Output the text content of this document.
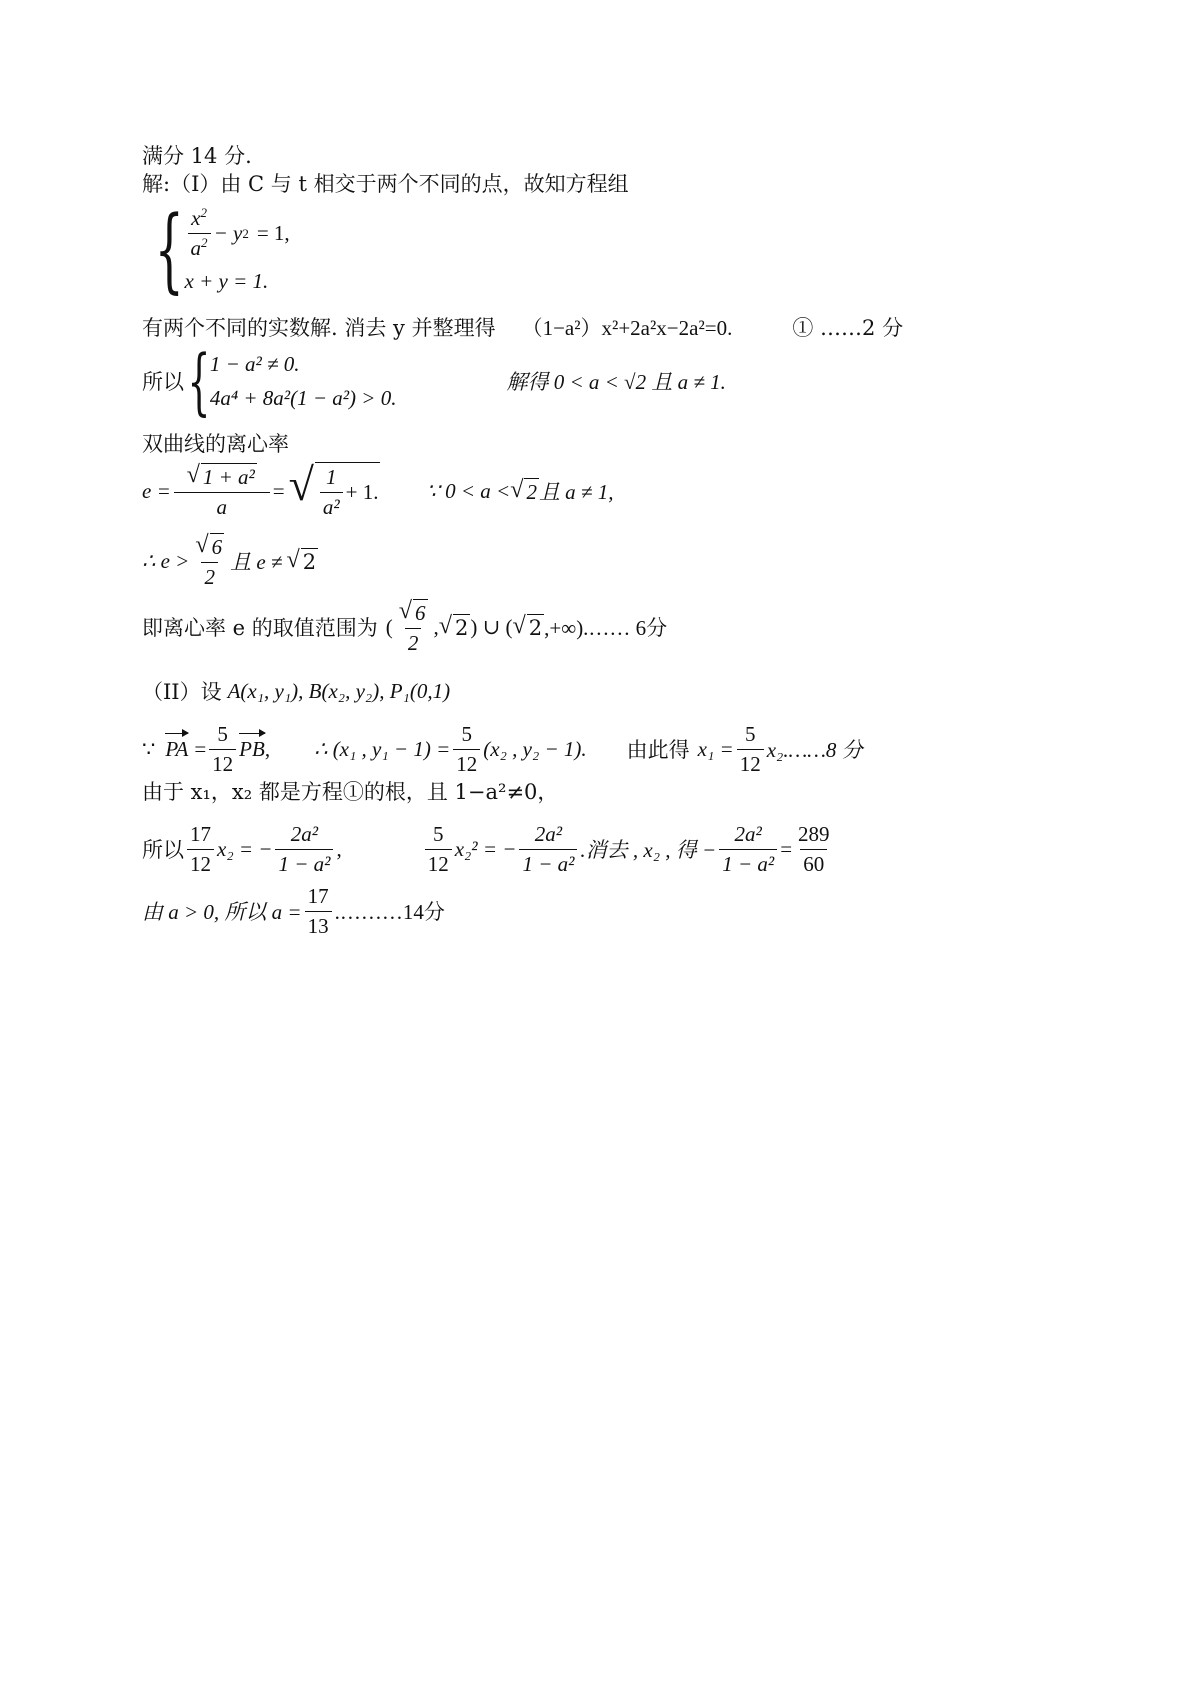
满分 14 分.
解:（I）由 C 与 t 相交于两个不同的点，故知方程组
{ $\frac{x^2}{a^2} - y$ 2 = 1,
x + y = 1.
有两个不同的实数解. 消去 y 并整理得 （1−a²）x²+2a²x−2a²=0.	① ……2 分
所以 { 1 − a² ≠ 0.
4a⁴ + 8a²(1 − a²) > 0.
解得 0 < a < √2 且 a ≠ 1.
双曲线的离心率
$e = \frac{\text{√ 1 + a²}}{a}$ = √ $\frac{1}{\text{a²}} + 1$. ∵ 0 < a < √ 2 且 a ≠ 1,
∴ $e > \frac{√ 6}{2}$ 且 e ≠ √ 2
即离心率 e 的取值范围为 ( $\frac{√ 6}{2}$ , √ 2 ) ∪ ( √ 2 ,+∞).…… 6分
（II）设 A(x₁, y₁), B(x₂, y₂), P₁(0,1)
∵ PA = $\frac{5}{12}$ PB , ∴ (x₁ , $y_1 - 1) = \frac{5}{12} (x_2$ , y₂ − 1). 由此得 $x_1 = \frac{5}{12}$ x₂.……8 分
由于 x₁，x₂ 都是方程①的根，且 1−a²≠0，
所以 $\frac{17}{12} x_2$ = − $\frac{\text{2a²}}{\text{1 − a²}}$ ,	$\frac{5}{12} x_2^2$ = − $\frac{\text{2a²}}{\text{1 − a²}}$ .消去 , x₂ , 得 − $\frac{\text{2a²}}{\text{1 − a²}} = \frac{289}{60}$
由 a > 0, 所以 $a = \frac{17}{13}$ .………14分
